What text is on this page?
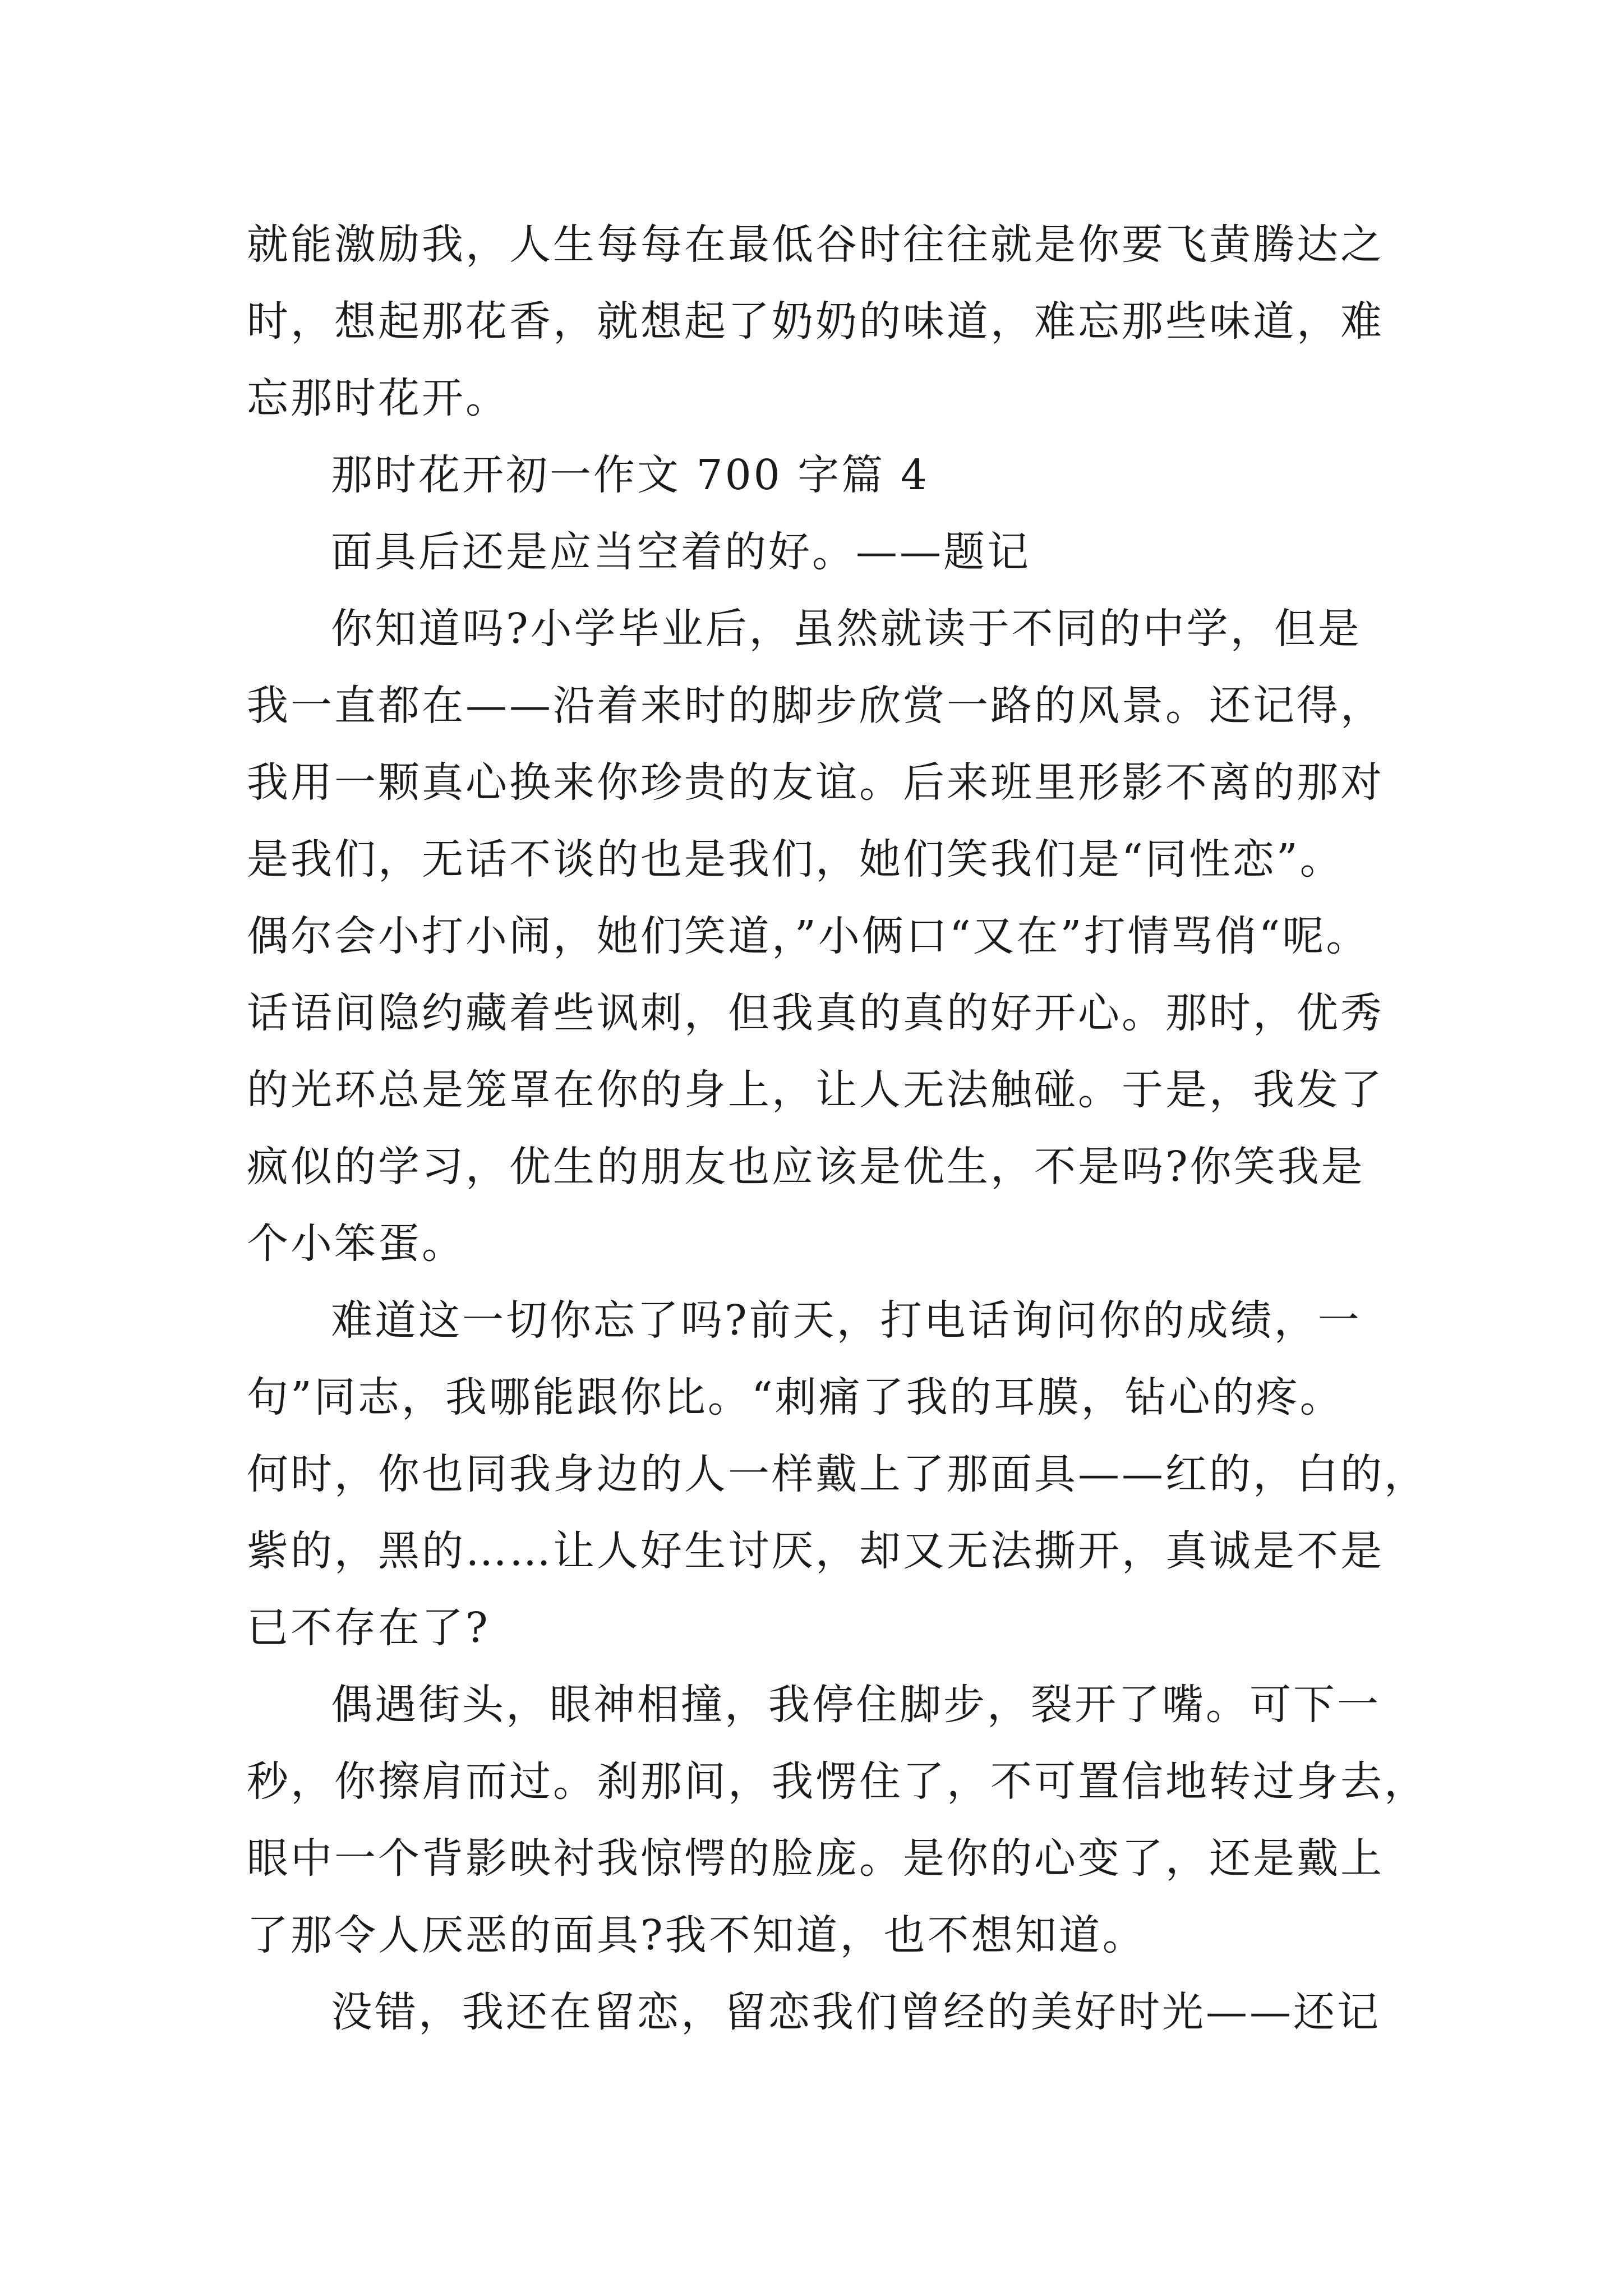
就能激励我，人生每每在最低谷时往往就是你要飞黄腾达之
时，想起那花香，就想起了奶奶的味道，难忘那些味道，难
忘那时花开。
那时花开初一作文 700 字篇 4
面具后还是应当空着的好。——题记
你知道吗?小学毕业后，虽然就读于不同的中学，但是
我一直都在——沿着来时的脚步欣赏一路的风景。还记得，
我用一颗真心换来你珍贵的友谊。后来班里形影不离的那对
是我们，无话不谈的也是我们，她们笑我们是“同性恋”。
偶尔会小打小闹，她们笑道，”小俩口“又在”打情骂俏“呢。
话语间隐约藏着些讽刺，但我真的真的好开心。那时，优秀
的光环总是笼罩在你的身上，让人无法触碰。于是，我发了
疯似的学习，优生的朋友也应该是优生，不是吗?你笑我是
个小笨蛋。
难道这一切你忘了吗?前天，打电话询问你的成绩，一
句”同志，我哪能跟你比。“刺痛了我的耳膜，钻心的疼。
何时，你也同我身边的人一样戴上了那面具——红的，白的，
紫的，黑的……让人好生讨厌，却又无法撕开，真诚是不是
已不存在了?
偶遇街头，眼神相撞，我停住脚步，裂开了嘴。可下一
秒，你擦肩而过。刹那间，我愣住了，不可置信地转过身去，
眼中一个背影映衬我惊愕的脸庞。是你的心变了，还是戴上
了那令人厌恶的面具?我不知道，也不想知道。
没错，我还在留恋，留恋我们曾经的美好时光——还记
